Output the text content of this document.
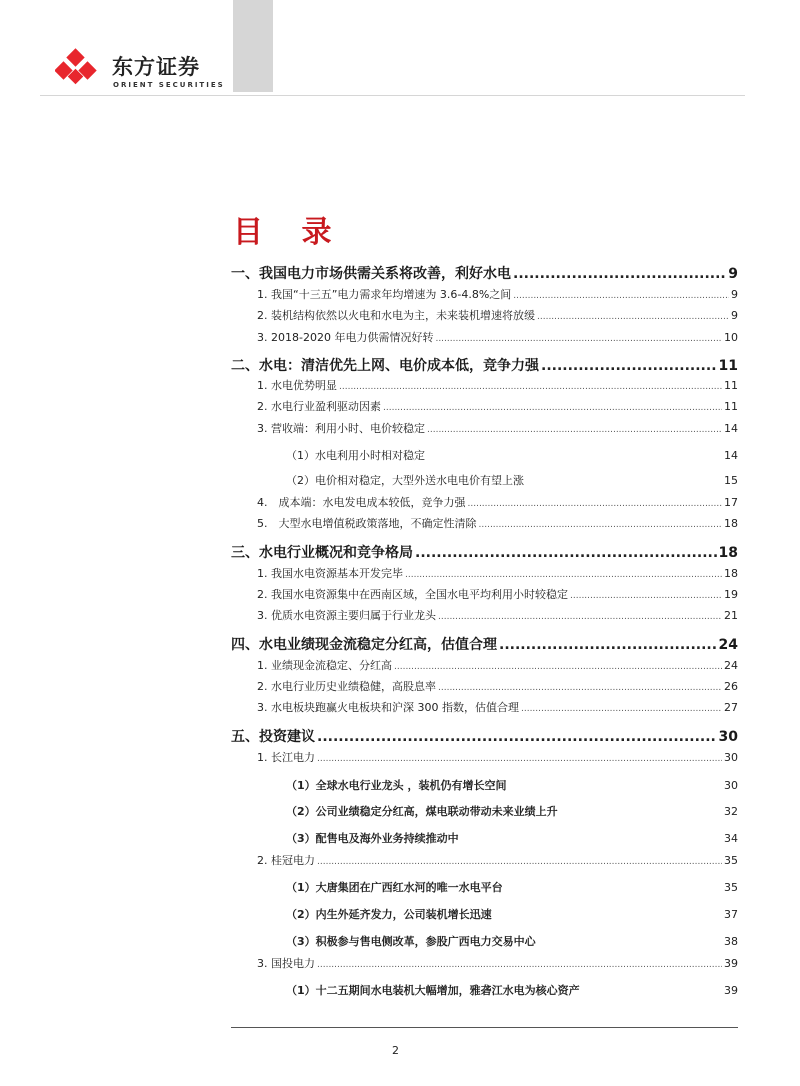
东方证券
ORIENT SECURITIES
目 录
一、我国电力市场供需关系将改善，利好水电 .....	9
1. 我国“十三五”电力需求年均增速为 3.6-4.8%之间 .....	9
2. 装机结构依然以火电和水电为主，未来装机增速将放缓 .....	9
3. 2018-2020 年电力供需情况好转 .....	10
二、水电：清洁优先上网、电价成本低，竞争力强 .....	11
1. 水电优势明显 .....	11
2. 水电行业盈利驱动因素 .....	11
3. 营收端：利用小时、电价较稳定 .....	14
（1）水电利用小时相对稳定	14
（2）电价相对稳定，大型外送水电电价有望上涨	15
4.　成本端：水电发电成本较低，竞争力强 .....	17
5.　大型水电增值税政策落地，不确定性清除 .....	18
三、水电行业概况和竞争格局 .....	18
1. 我国水电资源基本开发完毕 .....	18
2. 我国水电资源集中在西南区域，全国水电平均利用小时较稳定 .....	19
3. 优质水电资源主要归属于行业龙头 .....	21
四、水电业绩现金流稳定分红高，估值合理 .....	24
1. 业绩现金流稳定、分红高 .....	24
2. 水电行业历史业绩稳健，高股息率 .....	26
3. 水电板块跑赢火电板块和沪深 300 指数，估值合理 .....	27
五、投资建议 .....	30
1. 长江电力 .....	30
（1）全球水电行业龙头 ，装机仍有增长空间	30
（2）公司业绩稳定分红高，煤电联动带动未来业绩上升	32
（3）配售电及海外业务持续推动中	34
2. 桂冠电力 .....	35
（1）大唐集团在广西红水河的唯一水电平台	35
（2）内生外延齐发力，公司装机增长迅速	37
（3）积极参与售电侧改革，参股广西电力交易中心	38
3. 国投电力 .....	39
（1）十二五期间水电装机大幅增加，雅砻江水电为核心资产	39
2
